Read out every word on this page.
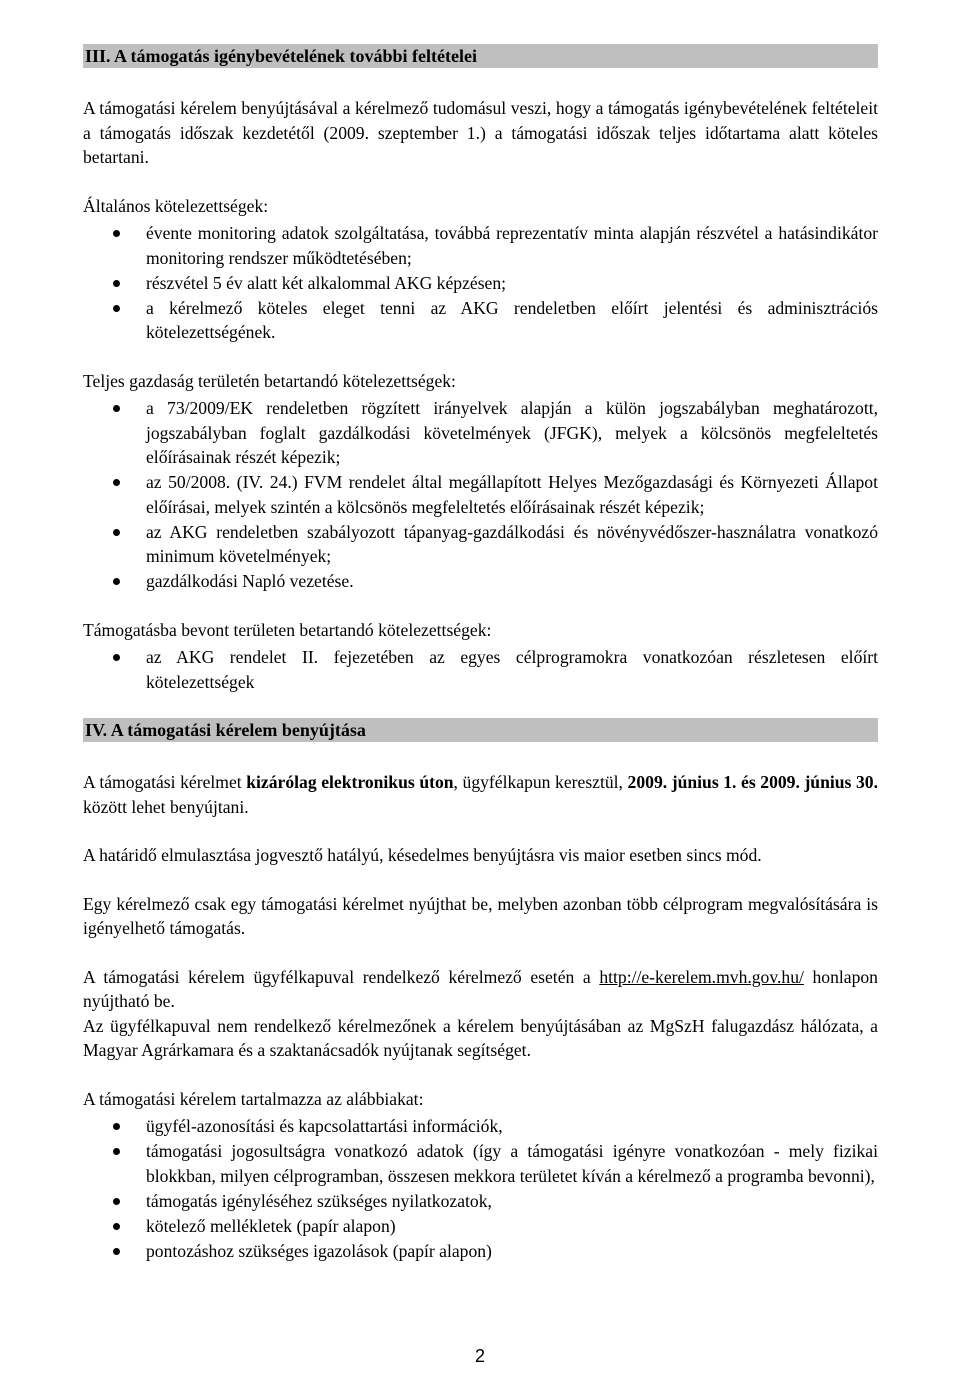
III. A támogatás igénybevételének további feltételei
A támogatási kérelem benyújtásával a kérelmező tudomásul veszi, hogy a támogatás igénybevételének feltételeit a támogatás időszak kezdetétől (2009. szeptember 1.) a támogatási időszak teljes időtartama alatt köteles betartani.
Általános kötelezettségek:
évente monitoring adatok szolgáltatása, továbbá reprezentatív minta alapján részvétel a hatásindikátor monitoring rendszer működtetésében;
részvétel 5 év alatt két alkalommal AKG képzésen;
a kérelmező köteles eleget tenni az AKG rendeletben előírt jelentési és adminisztrációs kötelezettségének.
Teljes gazdaság területén betartandó kötelezettségek:
a 73/2009/EK rendeletben rögzített irányelvek alapján a külön jogszabályban meghatározott, jogszabályban foglalt gazdálkodási követelmények (JFGK), melyek a kölcsönös megfeleltetés előírásainak részét képezik;
az 50/2008. (IV. 24.) FVM rendelet által megállapított Helyes Mezőgazdasági és Környezeti Állapot előírásai, melyek szintén a kölcsönös megfeleltetés előírásainak részét képezik;
az AKG rendeletben szabályozott tápanyag-gazdálkodási és növényvédőszer-használatra vonatkozó minimum követelmények;
gazdálkodási Napló vezetése.
Támogatásba bevont területen betartandó kötelezettségek:
az AKG rendelet II. fejezetében az egyes célprogramokra vonatkozóan részletesen előírt kötelezettségek
IV. A támogatási kérelem benyújtása
A támogatási kérelmet kizárólag elektronikus úton, ügyfélkapun keresztül, 2009. június 1. és 2009. június 30. között lehet benyújtani.
A határidő elmulasztása jogvesztő hatályú, késedelmes benyújtásra vis maior esetben sincs mód.
Egy kérelmező csak egy támogatási kérelmet nyújthat be, melyben azonban több célprogram megvalósítására is igényelhető támogatás.
A támogatási kérelem ügyfélkapuval rendelkező kérelmező esetén a http://e-kerelem.mvh.gov.hu/ honlapon nyújtható be.
Az ügyfélkapuval nem rendelkező kérelmezőnek a kérelem benyújtásában az MgSzH falugazdász hálózata, a Magyar Agrárkamara és a szaktanácsadók nyújtanak segítséget.
A támogatási kérelem tartalmazza az alábbiakat:
ügyfél-azonosítási és kapcsolattartási információk,
támogatási jogosultságra vonatkozó adatok (így a támogatási igényre vonatkozóan - mely fizikai blokkban, milyen célprogramban, összesen mekkora területet kíván a kérelmező a programba bevonni),
támogatás igényléséhez szükséges nyilatkozatok,
kötelező mellékletek (papír alapon)
pontozáshoz szükséges igazolások (papír alapon)
2
